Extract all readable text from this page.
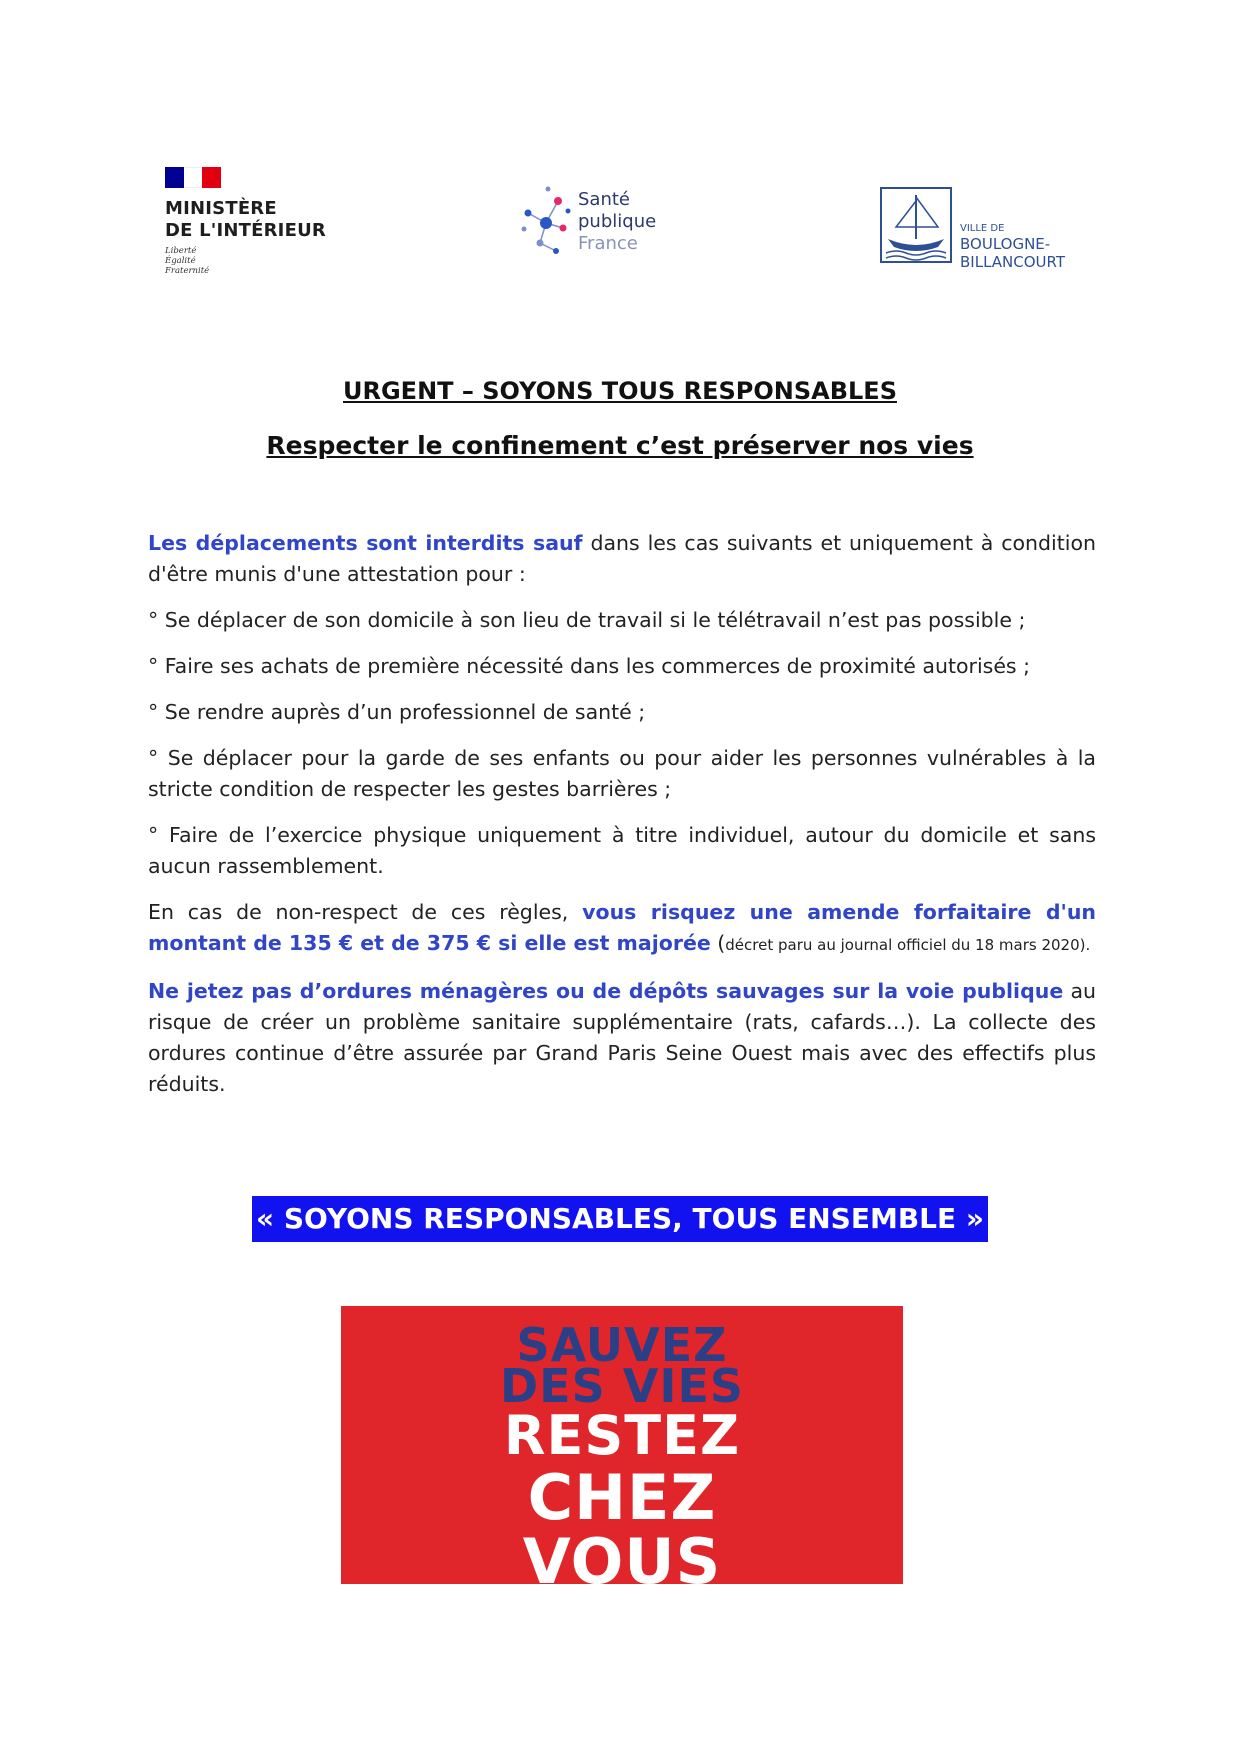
MINISTÈRE
DE L'INTÉRIEUR
Liberté
Égalité
Fraternité
Santé
publique
France
VILLE DE
BOULOGNE-
BILLANCOURT
URGENT – SOYONS TOUS RESPONSABLES
Respecter le confinement c’est préserver nos vies

Les déplacements sont interdits sauf dans les cas suivants et uniquement à condition d'être munis d'une attestation pour :

° Se déplacer de son domicile à son lieu de travail si le télétravail n’est pas possible ;

° Faire ses achats de première nécessité dans les commerces de proximité autorisés ;

° Se rendre auprès d’un professionnel de santé ;

° Se déplacer pour la garde de ses enfants ou pour aider les personnes vulnérables à la stricte condition de respecter les gestes barrières ;

° Faire de l’exercice physique uniquement à titre individuel, autour du domicile et sans aucun rassemblement.

En cas de non-respect de ces règles, vous risquez une amende forfaitaire d'un montant de 135 € et de 375 € si elle est majorée (décret paru au journal officiel du 18 mars 2020).

Ne jetez pas d’ordures ménagères ou de dépôts sauvages sur la voie publique au risque de créer un problème sanitaire supplémentaire (rats, cafards…). La collecte des ordures continue d’être assurée par Grand Paris Seine Ouest mais avec des effectifs plus réduits.

« SOYONS RESPONSABLES, TOUS ENSEMBLE »
SAUVEZ
DES VIES
RESTEZ
CHEZ
VOUS
